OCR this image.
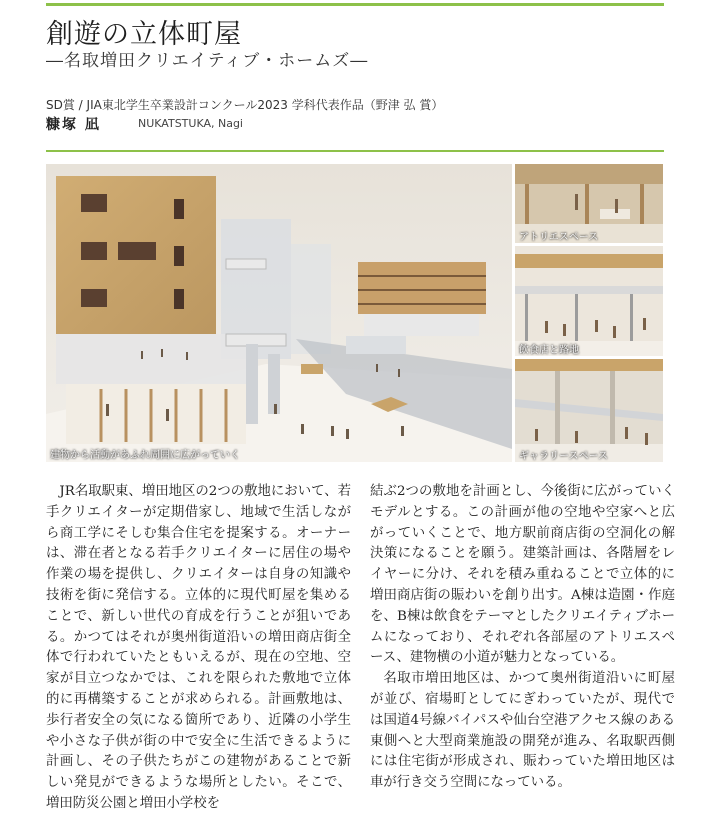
創遊の立体町屋
―名取増田クリエイティブ・ホームズ―
SD賞 / JIA東北学生卒業設計コンクール2023 学科代表作品（野津 弘 賞）
糠塚 凪	NUKATSTUKA, Nagi
建物から活動があふれ周囲に広がっていく
アトリエスペース
飲食店と路地
ギャラリースペース

JR名取駅東、増田地区の2つの敷地において、若手クリエイターが定期借家し、地域で生活しながら商工学にそしむ集合住宅を提案する。オーナーは、滞在者となる若手クリエイターに居住の場や作業の場を提供し、クリエイターは自身の知識や技術を街に発信する。立体的に現代町屋を集めることで、新しい世代の育成を行うことが狙いである。かつてはそれが奥州街道沿いの増田商店街全体で行われていたともいえるが、現在の空地、空家が目立つなかでは、これを限られた敷地で立体的に再構築することが求められる。計画敷地は、歩行者安全の気になる箇所であり、近隣の小学生や小さな子供が街の中で安全に生活できるように計画し、その子供たちがこの建物があることで新しい発見ができるような場所としたい。そこで、増田防災公園と増田小学校を

結ぶ2つの敷地を計画とし、今後街に広がっていくモデルとする。この計画が他の空地や空家へと広がっていくことで、地方駅前商店街の空洞化の解決策になることを願う。建築計画は、各階層をレイヤーに分け、それを積み重ねることで立体的に増田商店街の賑わいを創り出す。A棟は造園・作庭を、B棟は飲食をテーマとしたクリエイティブホームになっており、それぞれ各部屋のアトリエスペース、建物横の小道が魅力となっている。

名取市増田地区は、かつて奥州街道沿いに町屋が並び、宿場町としてにぎわっていたが、現代では国道4号線バイパスや仙台空港アクセス線のある東側へと大型商業施設の開発が進み、名取駅西側には住宅街が形成され、賑わっていた増田地区は車が行き交う空間になっている。
